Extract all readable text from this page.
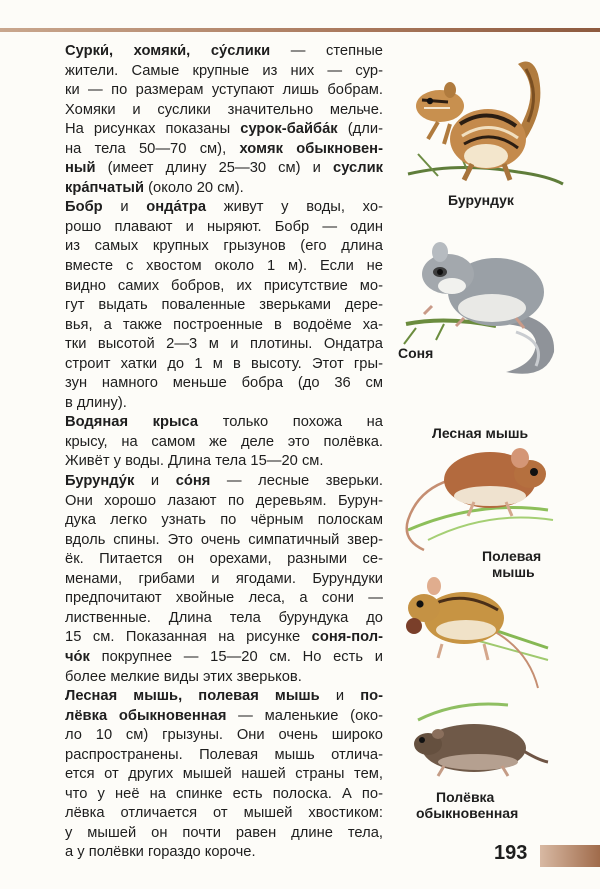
Сурки́, хомяки́, су́слики — степные
жители. Самые крупные из них — сур-
ки — по размерам уступают лишь бобрам.
Хомяки и суслики значительно мельче.
На рисунках показаны сурок-байба́к (дли-
на тела 50—70 см), хомяк обыкновен-
ный (имеет длину 25—30 см) и суслик
кра́пчатый (около 20 см).
Бобр и онда́тра живут у воды, хо-
рошо плавают и ныряют. Бобр — один
из самых крупных грызунов (его длина
вместе с хвостом около 1 м). Если не
видно самих бобров, их присутствие мо-
гут выдать поваленные зверьками дере-
вья, а также построенные в водоёме ха-
тки высотой 2—3 м и плотины. Ондатра
строит хатки до 1 м в высоту. Этот гры-
зун намного меньше бобра (до 36 см
в длину).
Водяная крыса только похожа на
крысу, на самом же деле это полёвка.
Живёт у воды. Длина тела 15—20 см.
Бурунду́к и со́ня — лесные зверьки.
Они хорошо лазают по деревьям. Бурун-
дука легко узнать по чёрным полоскам
вдоль спины. Это очень симпатичный звер-
ёк. Питается он орехами, разными се-
менами, грибами и ягодами. Бурундуки
предпочитают хвойные леса, а сони —
лиственные. Длина тела бурундука до
15 см. Показанная на рисунке соня-пол-
чо́к покрупнее — 15—20 см. Но есть и
более мелкие виды этих зверьков.
Лесная мышь, полевая мышь и по-
лёвка обыкновенная — маленькие (око-
ло 10 см) грызуны. Они очень широко
распространены. Полевая мышь отлича-
ется от других мышей нашей страны тем,
что у неё на спинке есть полоска. А по-
лёвка отличается от мышей хвостиком:
у мышей он почти равен длине тела,
а у полёвки гораздо короче.
Бурундук
Соня
Лесная мышь
Полевая
мышь
Полёвка
обыкновенная
193
